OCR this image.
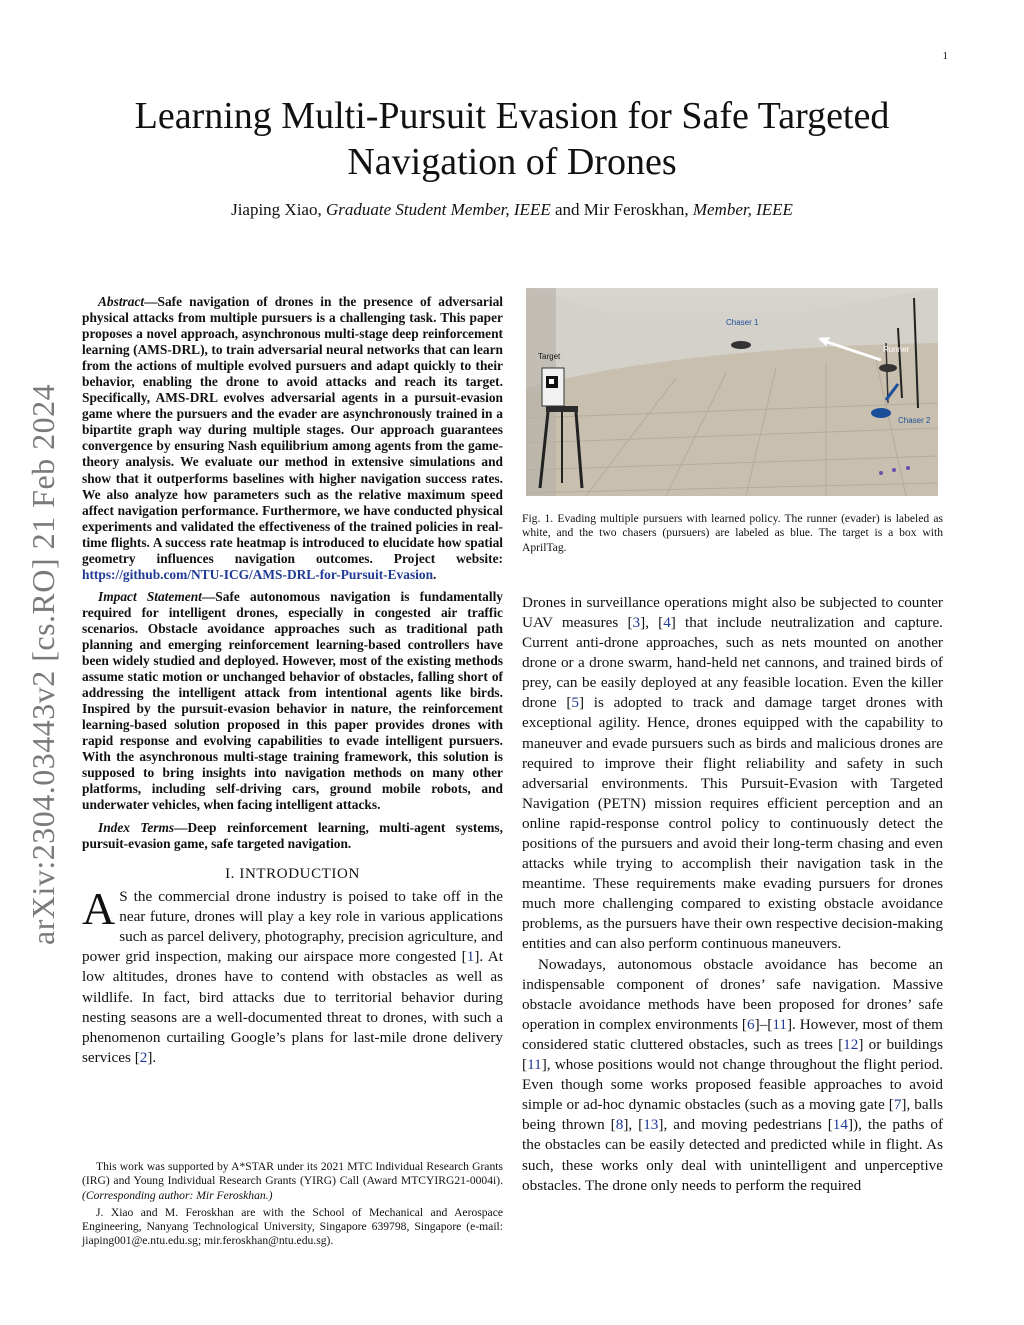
1
arXiv:2304.03443v2 [cs.RO] 21 Feb 2024
Learning Multi-Pursuit Evasion for Safe Targeted
Navigation of Drones
Jiaping Xiao, Graduate Student Member, IEEE and Mir Feroskhan, Member, IEEE

Abstract—Safe navigation of drones in the presence of adversarial physical attacks from multiple pursuers is a challenging task. This paper proposes a novel approach, asynchronous multi-stage deep reinforcement learning (AMS-DRL), to train adversarial neural networks that can learn from the actions of multiple evolved pursuers and adapt quickly to their behavior, enabling the drone to avoid attacks and reach its target. Specifically, AMS-DRL evolves adversarial agents in a pursuit-evasion game where the pursuers and the evader are asynchronously trained in a bipartite graph way during multiple stages. Our approach guarantees convergence by ensuring Nash equilibrium among agents from the game-theory analysis. We evaluate our method in extensive simulations and show that it outperforms baselines with higher navigation success rates. We also analyze how parameters such as the relative maximum speed affect navigation performance. Furthermore, we have conducted physical experiments and validated the effectiveness of the trained policies in real-time flights. A success rate heatmap is introduced to elucidate how spatial geometry influences navigation outcomes. Project website: https://github.com/NTU-ICG/AMS-DRL-for-Pursuit-Evasion.

Impact Statement—Safe autonomous navigation is fundamentally required for intelligent drones, especially in congested air traffic scenarios. Obstacle avoidance approaches such as traditional path planning and emerging reinforcement learning-based controllers have been widely studied and deployed. However, most of the existing methods assume static motion or unchanged behavior of obstacles, falling short of addressing the intelligent attack from intentional agents like birds. Inspired by the pursuit-evasion behavior in nature, the reinforcement learning-based solution proposed in this paper provides drones with rapid response and evolving capabilities to evade intelligent pursuers. With the asynchronous multi-stage training framework, this solution is supposed to bring insights into navigation methods on many other platforms, including self-driving cars, ground mobile robots, and underwater vehicles, when facing intelligent attacks.

Index Terms—Deep reinforcement learning, multi-agent systems, pursuit-evasion game, safe targeted navigation.

I. INTRODUCTION

A S the commercial drone industry is poised to take off in the near future, drones will play a key role in various applications such as parcel delivery, photography, precision agriculture, and power grid inspection, making our airspace more congested [1]. At low altitudes, drones have to contend with obstacles as well as wildlife. In fact, bird attacks due to territorial behavior during nesting seasons are a well-documented threat to drones, with such a phenomenon curtailing Google’s plans for last-mile drone delivery services [2].

This work was supported by A*STAR under its 2021 MTC Individual Research Grants (IRG) and Young Individual Research Grants (YIRG) Call (Award MTCYIRG21-0004i). (Corresponding author: Mir Feroskhan.)

J. Xiao and M. Feroskhan are with the School of Mechanical and Aerospace Engineering, Nanyang Technological University, Singapore 639798, Singapore (e-mail: jiaping001@e.ntu.edu.sg; mir.feroskhan@ntu.edu.sg).

Chaser 1
Runner
Target
Chaser 2
Fig. 1. Evading multiple pursuers with learned policy. The runner (evader) is labeled as white, and the two chasers (pursuers) are labeled as blue. The target is a box with AprilTag.

Drones in surveillance operations might also be subjected to counter UAV measures [3], [4] that include neutralization and capture. Current anti-drone approaches, such as nets mounted on another drone or a drone swarm, hand-held net cannons, and trained birds of prey, can be easily deployed at any feasible location. Even the killer drone [5] is adopted to track and damage target drones with exceptional agility. Hence, drones equipped with the capability to maneuver and evade pursuers such as birds and malicious drones are required to improve their flight reliability and safety in such adversarial environments. This Pursuit-Evasion with Targeted Navigation (PETN) mission requires efficient perception and an online rapid-response control policy to continuously detect the positions of the pursuers and avoid their long-term chasing and even attacks while trying to accomplish their navigation task in the meantime. These requirements make evading pursuers for drones much more challenging compared to existing obstacle avoidance problems, as the pursuers have their own respective decision-making entities and can also perform continuous maneuvers.

Nowadays, autonomous obstacle avoidance has become an indispensable component of drones’ safe navigation. Massive obstacle avoidance methods have been proposed for drones’ safe operation in complex environments [6]–[11]. However, most of them considered static cluttered obstacles, such as trees [12] or buildings [11], whose positions would not change throughout the flight period. Even though some works proposed feasible approaches to avoid simple or ad-hoc dynamic obstacles (such as a moving gate [7], balls being thrown [8], [13], and moving pedestrians [14]), the paths of the obstacles can be easily detected and predicted while in flight. As such, these works only deal with unintelligent and unperceptive obstacles. The drone only needs to perform the required
